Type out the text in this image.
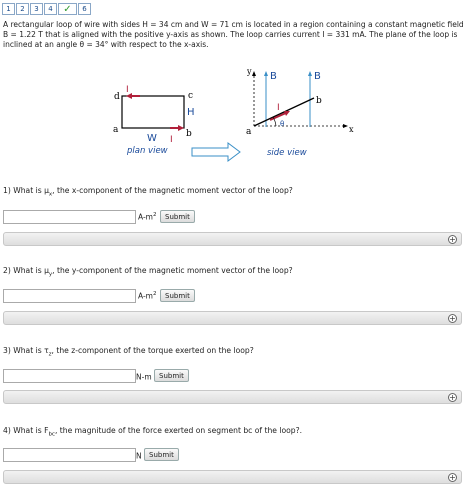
1	2	3	4	✓	6
A rectangular loop of wire with sides H = 34 cm and W = 71 cm is located in a region containing a constant magnetic field B = 1.22 T that is aligned with the positive y-axis as shown. The loop carries current I = 331 mA. The plane of the loop is inclined at an angle θ = 34° with respect to the x-axis.
d	c
a	b
I
I
H
W
plan view
y
x
B	B
I
θ
a
b
side view
1) What is $\mu_x$, the x-component of the magnetic moment vector of the loop?
$A-m^2$	Submit
+
2) What is $\mu_y$, the y-component of the magnetic moment vector of the loop?
$A-m^2$	Submit
+
3) What is $\tau_z$, the z-component of the torque exerted on the loop?
N-m	Submit
+
4) What is $F_{bc}$, the magnitude of the force exerted on segment bc of the loop?.
N	Submit
+
